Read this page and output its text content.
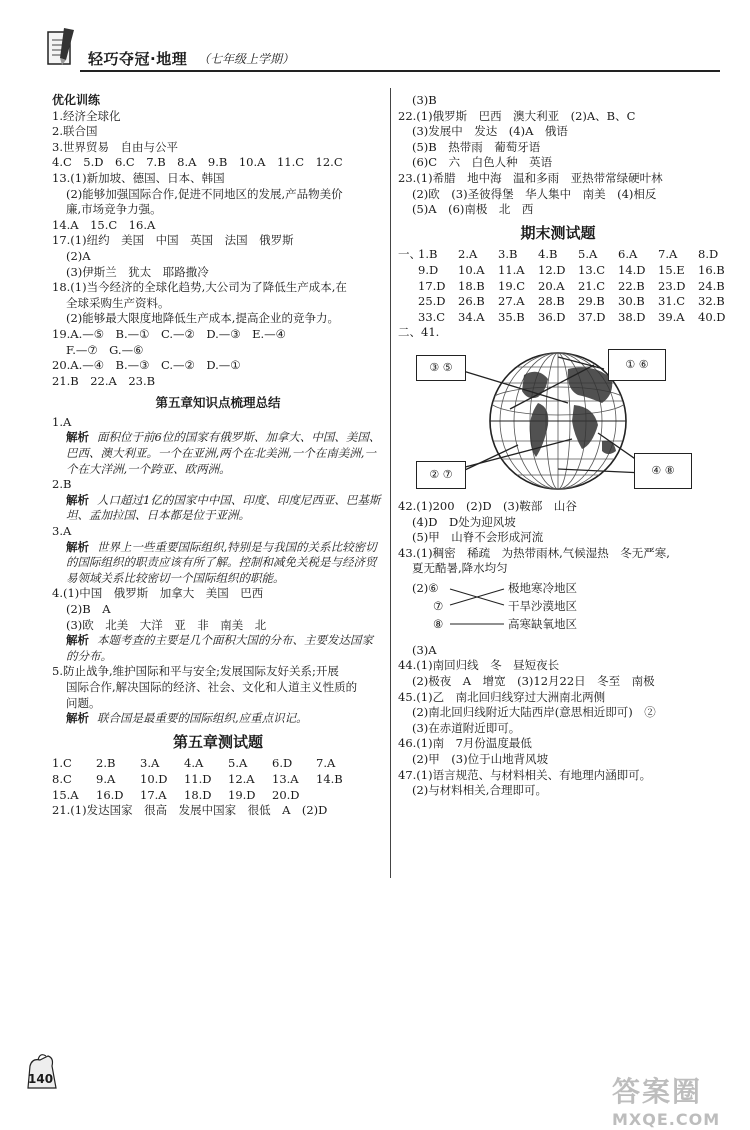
轻巧夺冠·地理 （七年级上学期）
优化训练
1.经济全球化
2.联合国
3.世界贸易　自由与公平
4.C　5.D　6.C　7.B　8.A　9.B　10.A　11.C　12.C
13.(1)新加坡、德国、日本、韩国
(2)能够加强国际合作,促进不同地区的发展,产品物美价
廉,市场竞争力强。
14.A　15.C　16.A
17.(1)纽约　美国　中国　英国　法国　俄罗斯
(2)A
(3)伊斯兰　犹太　耶路撒冷
18.(1)当今经济的全球化趋势,大公司为了降低生产成本,在
全球采购生产资料。
(2)能够最大限度地降低生产成本,提高企业的竞争力。
19.A.—⑤　B.—①　C.—②　D.—③　E.—④
F.—⑦　G.—⑥
20.A.—④　B.—③　C.—②　D.—①
21.B　22.A　23.B
第五章知识点梳理总结
1.A
解析 面积位于前6位的国家有俄罗斯、加拿大、中国、美国、巴西、澳大利亚。一个在亚洲,两个在北美洲,一个在南美洲,一个在大洋洲,一个跨亚、欧两洲。
2.B
解析 人口超过1亿的国家中中国、印度、印度尼西亚、巴基斯坦、孟加拉国、日本都是位于亚洲。
3.A
解析 世界上一些重要国际组织,特别是与我国的关系比较密切的国际组织的职责应该有所了解。控制和减免关税是与经济贸易领域关系比较密切一个国际组织的职能。
4.(1)中国　俄罗斯　加拿大　美国　巴西
(2)B　A
(3)欧　北美　大洋　亚　非　南美　北
解析 本题考查的主要是几个面积大国的分布、主要发达国家的分布。
5.防止战争,维护国际和平与安全;发展国际友好关系;开展
国际合作,解决国际的经济、社会、文化和人道主义性质的
问题。
解析 联合国是最重要的国际组织,应重点识记。
第五章测试题
1.C	2.B	3.A	4.A	5.A	6.D	7.A
8.C	9.A	10.D	11.D	12.A	13.A	14.B
15.A	16.D	17.A	18.D	19.D	20.D
21.(1)发达国家　很高　发展中国家　很低　A　(2)D
(3)B
22.(1)俄罗斯　巴西　澳大利亚　(2)A、B、C
(3)发展中　发达　(4)A　俄语
(5)B　热带雨　葡萄牙语
(6)C　六　白色人种　英语
23.(1)希腊　地中海　温和多雨　亚热带常绿硬叶林
(2)欧　(3)圣彼得堡　华人集中　南美　(4)相反
(5)A　(6)南极　北　西
期末测试题
一、
1.B	2.A	3.B	4.B	5.A	6.A	7.A	8.D
9.D	10.A	11.A	12.D	13.C	14.D	15.E	16.B
17.D	18.B	19.C	20.A	21.C	22.B	23.D	24.B
25.D	26.B	27.A	28.B	29.B	30.B	31.C	32.B
33.C	34.A	35.B	36.D	37.D	38.D	39.A	40.D
二、41.
③ ⑤	① ⑥
② ⑦	④ ⑧
42.(1)200　(2)D　(3)鞍部　山谷
(4)D　D处为迎风坡
(5)甲　山脊不会形成河流
43.(1)稠密　稀疏　为热带雨林,气候湿热　冬无严寒,
夏无酷暑,降水均匀
(2)⑥
⑦
⑧
极地寒冷地区
干旱沙漠地区
高寒缺氧地区
(3)A
44.(1)南回归线　冬　昼短夜长
(2)极夜　A　增宽　(3)12月22日　冬至　南极
45.(1)乙　南北回归线穿过大洲南北两侧
(2)南北回归线附近大陆西岸(意思相近即可)　②
(3)在赤道附近即可。
46.(1)南　7月份温度最低
(2)甲　(3)位于山地背风坡
47.(1)语言规范、与材料相关、有地理内涵即可。
(2)与材料相关,合理即可。
140	答案圈
MXQE.COM
